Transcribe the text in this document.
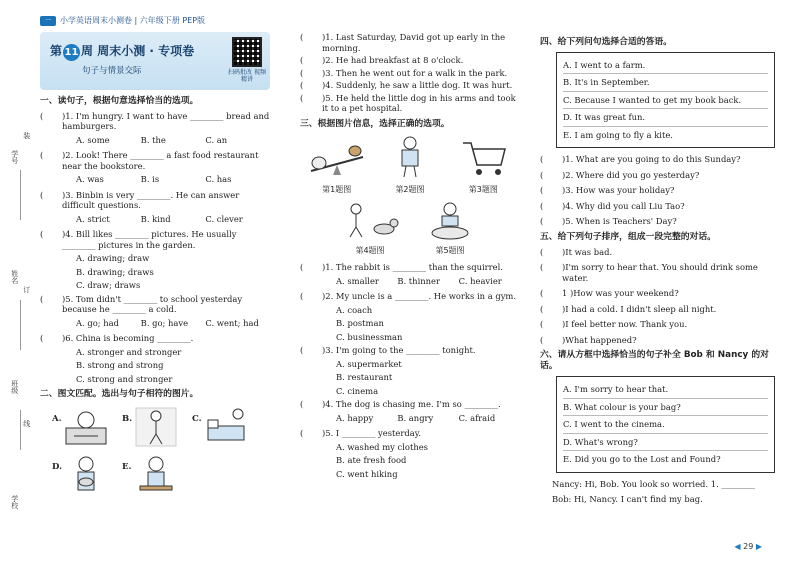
一	小学英语周末小测卷 | 六年级下册 PEP版
学号
姓名
班级
学校
装
订
线
第 11 周 周末小测 · 专项卷
句子与情景交际	扫码批改 视频精讲
一、读句子，根据句意选择恰当的选项。
(	)1. I'm hungry. I want to have ________ bread and hamburgers.
A. some	B. the	C. an
(	)2. Look! There ________ a fast food restaurant near the bookstore.
A. was	B. is	C. has
(	)3. Binbin is very ________. He can answer difficult questions.
A. strict	B. kind	C. clever
(	)4. Bill likes ________ pictures. He usually ________ pictures in the garden.
A. drawing; draw
B. drawing; draws
C. draw; draws
(	)5. Tom didn't ________ to school yesterday because he ________ a cold.
A. go; had	B. go; have	C. went; had
(	)6. China is becoming ________.
A. stronger and stronger
B. strong and strong
C. strong and stronger
二、图文匹配。选出与句子相符的图片。
A.	B.	C.
D.	E.
(	)1. Last Saturday, David got up early in the morning.
(	)2. He had breakfast at 8 o'clock.
(	)3. Then he went out for a walk in the park.
(	)4. Suddenly, he saw a little dog. It was hurt.
(	)5. He held the little dog in his arms and took it to a pet hospital.
三、根据图片信息，选择正确的选项。
第1题图	第2题图	第3题图
第4题图	第5题图
(	)1. The rabbit is ________ than the squirrel.
A. smaller	B. thinner	C. heavier
(	)2. My uncle is a ________. He works in a gym.
A. coach
B. postman
C. businessman
(	)3. I'm going to the ________ tonight.
A. supermarket
B. restaurant
C. cinema
(	)4. The dog is chasing me. I'm so ________.
A. happy	B. angry	C. afraid
(	)5. I ________ yesterday.
A. washed my clothes
B. ate fresh food
C. went hiking
四、给下列问句选择合适的答语。
A. I went to a farm.
B. It's in September.
C. Because I wanted to get my book back.
D. It was great fun.
E. I am going to fly a kite.
(	)1. What are you going to do this Sunday?
(	)2. Where did you go yesterday?
(	)3. How was your holiday?
(	)4. Why did you call Liu Tao?
(	)5. When is Teachers' Day?
五、给下列句子排序，组成一段完整的对话。
(	)It was bad.
(	)I'm sorry to hear that. You should drink some water.
(	1 )How was your weekend?
(	)I had a cold. I didn't sleep all night.
(	)I feel better now. Thank you.
(	)What happened?
六、请从方框中选择恰当的句子补全 Bob 和 Nancy 的对话。
A. I'm sorry to hear that.
B. What colour is your bag?
C. I went to the cinema.
D. What's wrong?
E. Did you go to the Lost and Found?
Nancy: Hi, Bob. You look so worried. 1. ________
Bob: Hi, Nancy. I can't find my bag.
◀ 29 ▶
